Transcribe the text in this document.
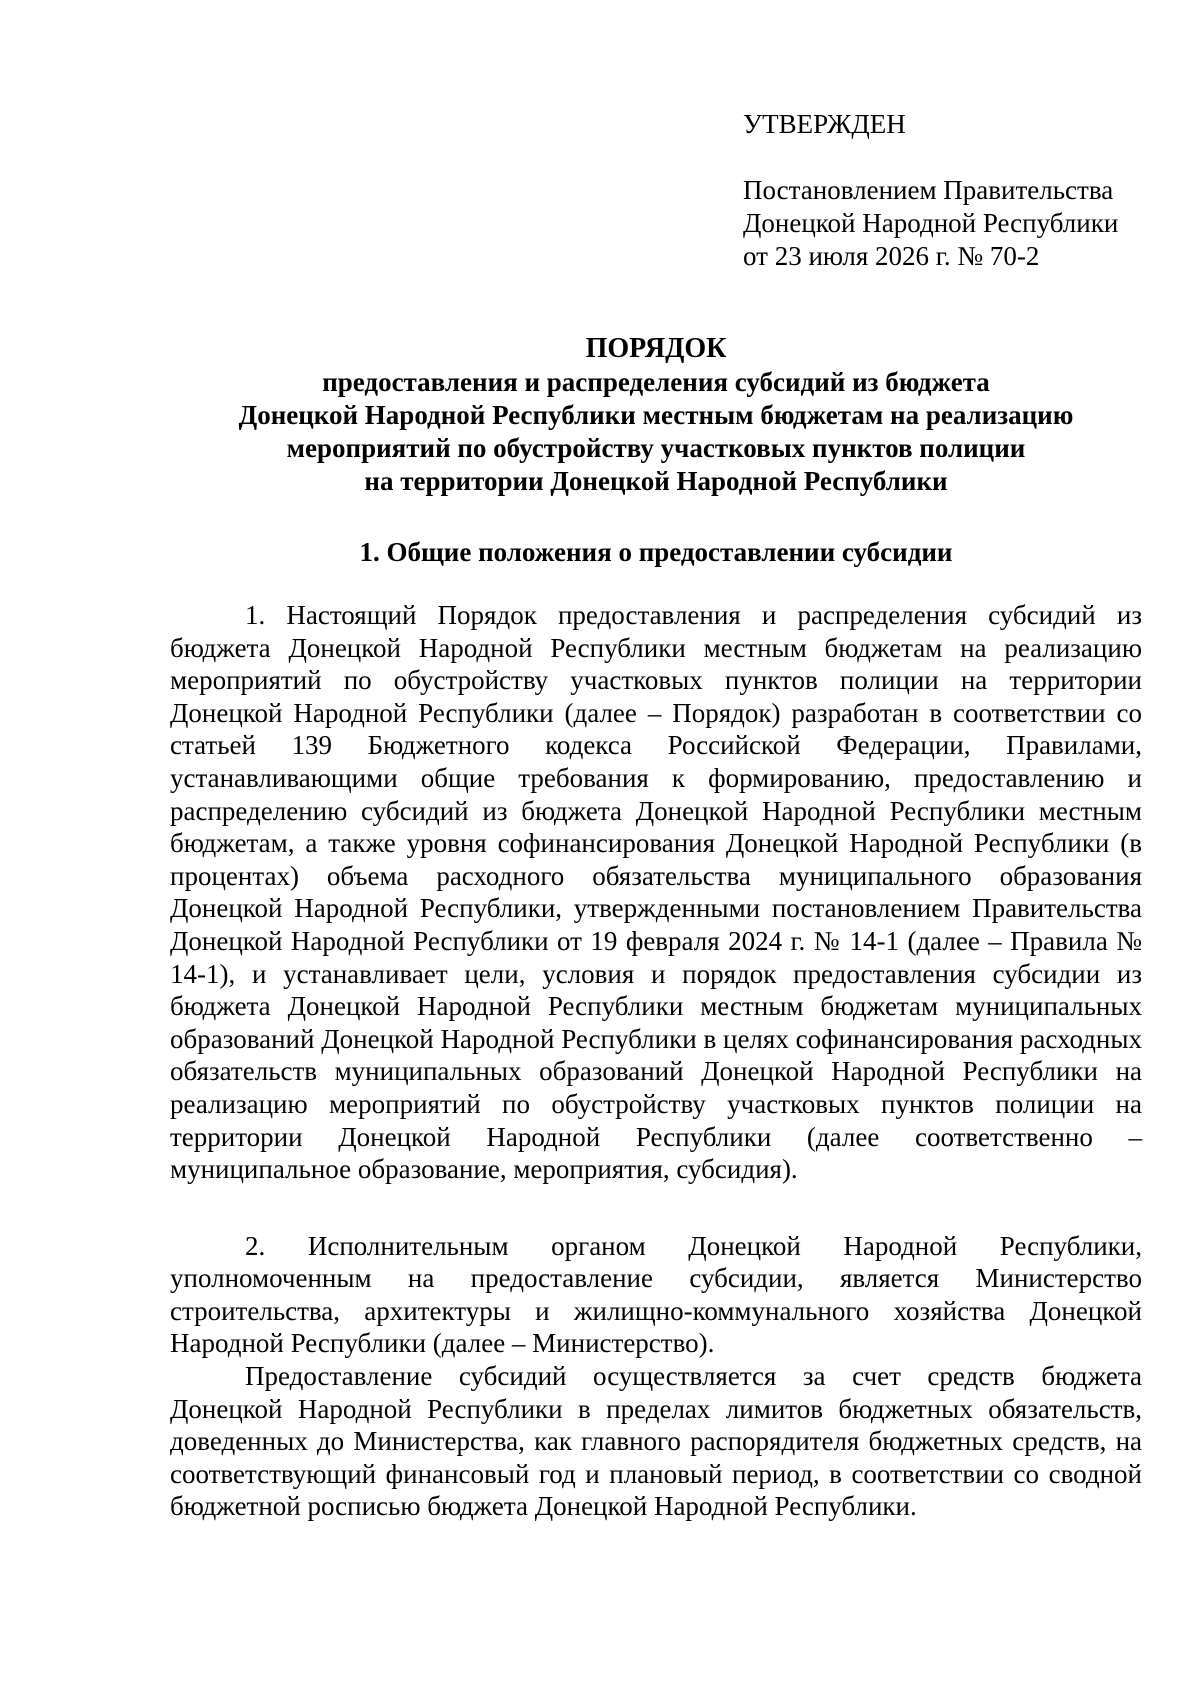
УТВЕРЖДЕН
Постановлением Правительства
Донецкой Народной Республики
от 23 июля 2026 г. № 70-2
ПОРЯДОК
предоставления и распределения субсидий из бюджета
Донецкой Народной Республики местным бюджетам на реализацию
мероприятий по обустройству участковых пунктов полиции
на территории Донецкой Народной Республики
1. Общие положения о предоставлении субсидии

1. Настоящий Порядок предоставления и распределения субсидий из бюджета Донецкой Народной Республики местным бюджетам на реализацию мероприятий по обустройству участковых пунктов полиции на территории Донецкой Народной Республики (далее – Порядок) разработан в соответствии со статьей 139 Бюджетного кодекса Российской Федерации, Правилами, устанавливающими общие требования к формированию, предоставлению и распределению субсидий из бюджета Донецкой Народной Республики местным бюджетам, а также уровня софинансирования Донецкой Народной Республики (в процентах) объема расходного обязательства муниципального образования Донецкой Народной Республики, утвержденными постановлением Правительства Донецкой Народной Республики от 19 февраля 2024 г. № 14-1 (далее – Правила № 14-1), и устанавливает цели, условия и порядок предоставления субсидии из бюджета Донецкой Народной Республики местным бюджетам муниципальных образований Донецкой Народной Республики в целях софинансирования расходных обязательств муниципальных образований Донецкой Народной Республики на реализацию мероприятий по обустройству участковых пунктов полиции на территории Донецкой Народной Республики (далее соответственно – муниципальное образование, мероприятия, субсидия).

2. Исполнительным органом Донецкой Народной Республики, уполномоченным на предоставление субсидии, является Министерство строительства, архитектуры и жилищно-коммунального хозяйства Донецкой Народной Республики (далее – Министерство).

Предоставление субсидий осуществляется за счет средств бюджета Донецкой Народной Республики в пределах лимитов бюджетных обязательств, доведенных до Министерства, как главного распорядителя бюджетных средств, на соответствующий финансовый год и плановый период, в соответствии со сводной бюджетной росписью бюджета Донецкой Народной Республики.
